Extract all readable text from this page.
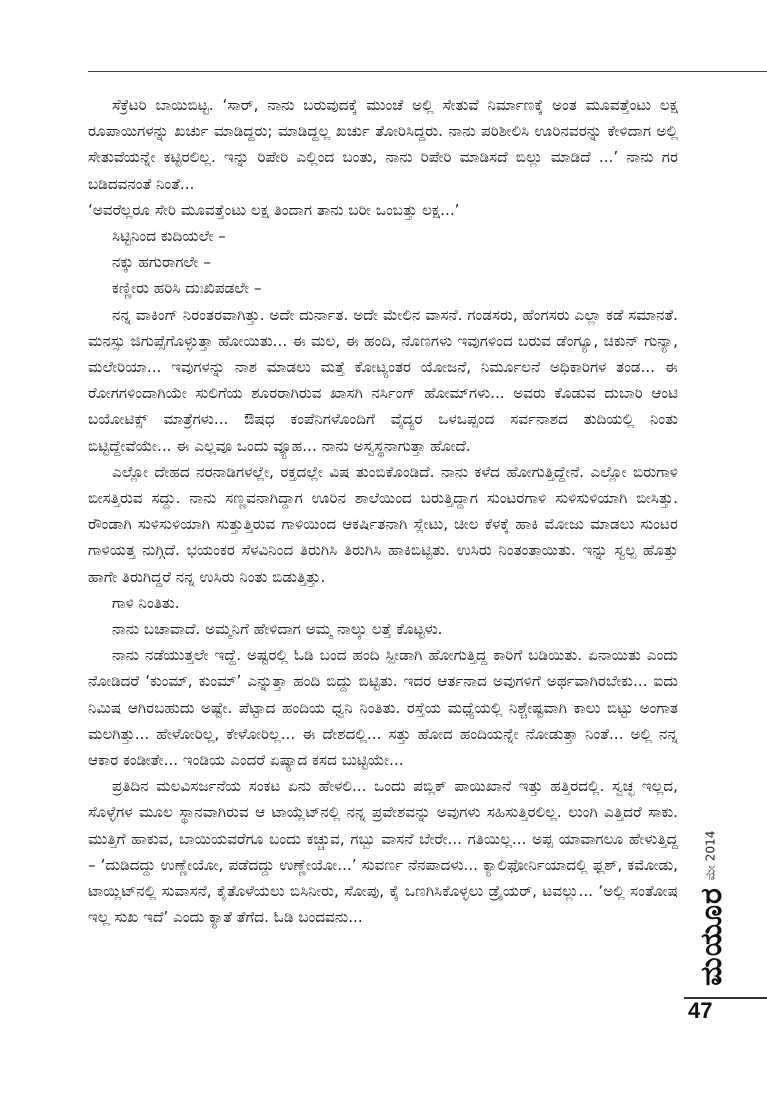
ಸೆಕ್ರೆಟರಿ ಬಾಯಿಬಿಟ್ಟ. ‘ಸಾರ್, ನಾನು ಬರುವುದಕ್ಕೆ ಮುಂಚೆ ಅಲ್ಲಿ ಸೇತುವೆ ನಿರ್ಮಾಣಕ್ಕೆ ಅಂತ ಮೂವತ್ತೆಂಟು ಲಕ್ಷ ರೂಪಾಯಿಗಳನ್ನು ಖರ್ಚು ಮಾಡಿದ್ದರು; ಮಾಡಿದ್ದಲ್ಲ ಖರ್ಚು ತೋರಿಸಿದ್ದರು. ನಾನು ಪರಿಶೀಲಿಸಿ ಊರಿನವರನ್ನು ಕೇಳಿದಾಗ ಅಲ್ಲಿ ಸೇತುವೆಯನ್ನೇ ಕಟ್ಟಿರಲಿಲ್ಲ. ಇನ್ನು ರಿಪೇರಿ ಎಲ್ಲಿಂದ ಬಂತು, ನಾನು ರಿಪೇರಿ ಮಾಡಿಸದೆ ಬಿಲ್ಲು ಮಾಡಿದೆ ...’ ನಾನು ಗರ ಬಡಿದವನಂತೆ ನಿಂತೆ...

‘ಅವರೆಲ್ಲರೂ ಸೇರಿ ಮೂವತ್ತೆಂಟು ಲಕ್ಷ ತಿಂದಾಗ ತಾನು ಬರೀ ಒಂಬತ್ತು ಲಕ್ಷ...’

ಸಿಟ್ಟಿನಿಂದ ಕುದಿಯಲೇ –

ನಕ್ಕು ಹಗುರಾಗಲೇ –

ಕಣ್ಣೀರು ಹರಿಸಿ ದುಃಖಿಪಡಲೇ –

ನನ್ನ ವಾಕಿಂಗ್ ನಿರಂತರವಾಗಿತ್ತು. ಅದೇ ದುರ್ನಾತ. ಅದೇ ಮೇಲಿನ ವಾಸನೆ. ಗಂಡಸರು, ಹೆಂಗಸರು ಎಲ್ಲಾ ಕಡೆ ಸಮಾನತೆ. ಮನಸ್ಸು ಜಿಗುಪ್ಸೆಗೊಳ್ಳುತ್ತಾ ಹೋಯಿತು... ಈ ಮಲ, ಈ ಹಂದಿ, ನೊಣಗಳು ಇವುಗಳಿಂದ ಬರುವ ಡೆಂಗ್ಯೂ, ಚಿಕುನ್ ಗುನ್ಯಾ, ಮಲೇರಿಯಾ... ಇವುಗಳನ್ನು ನಾಶ ಮಾಡಲು ಮತ್ತೆ ಕೋಟ್ಯಂತರ ಯೋಜನೆ, ನಿರ್ಮೂಲನೆ ಅಧಿಕಾರಿಗಳ ತಂಡ... ಈ ರೋಗಗಳಿಂದಾಗಿಯೇ ಸುಲಿಗೆಯ ಶೂರರಾಗಿರುವ ಖಾಸಗಿ ನರ್ಸಿಂಗ್ ಹೋಮ್‌ಗಳು... ಅವರು ಕೊಡುವ ದುಬಾರಿ ಆಂಟಿ ಬಯೋಟಿಕ್ಸ್ ಮಾತ್ರೆಗಳು... ಔಷಧ ಕಂಪೆನಿಗಳೊಂದಿಗೆ ವೈದ್ಯರ ಒಳಒಪ್ಪಂದ ಸರ್ವನಾಶದ ತುದಿಯಲ್ಲಿ ನಿಂತು ಬಿಟ್ಟಿದ್ದೇವೆಯೇ... ಈ ಎಲ್ಲವೂ ಒಂದು ವ್ಯೂಹ... ನಾನು ಅಸ್ವಸ್ಥನಾಗುತ್ತಾ ಹೋದೆ.

ಎಲ್ಲೋ ದೇಹದ ನರನಾಡಿಗಳಲ್ಲೇ, ರಕ್ತದಲ್ಲೇ ವಿಷ ತುಂಬಿಕೊಂಡಿದೆ. ನಾನು ಕಳೆದ ಹೋಗುತ್ತಿದ್ದೇನೆ. ಎಲ್ಲೋ ಬಿರುಗಾಳಿ ಬೀಸತ್ತಿರುವ ಸದ್ದು. ನಾನು ಸಣ್ಣವನಾಗಿದ್ದಾಗ ಊರಿನ ಶಾಲೆಯಿಂದ ಬರುತ್ತಿದ್ದಾಗ ಸುಂಟರಗಾಳಿ ಸುಳಿಸುಳಿಯಾಗಿ ಬೀಸಿತ್ತು. ರೌಂಡಾಗಿ ಸುಳಿಸುಳಿಯಾಗಿ ಸುತ್ತುತ್ತಿರುವ ಗಾಳಿಯಿಂದ ಆಕರ್ಷಿತನಾಗಿ ಸ್ಲೇಟು, ಚೀಲ ಕೆಳಕ್ಕೆ ಹಾಕಿ ಮೋಜು ಮಾಡಲು ಸುಂಟರ ಗಾಳಿಯತ್ತ ನುಗ್ಗಿದೆ. ಭಯಂಕರ ಸೆಳವಿನಿಂದ ತಿರುಗಿಸಿ ತಿರುಗಿಸಿ ಹಾಕಿಬಿಟ್ಟಿತು. ಉಸಿರು ನಿಂತಂತಾಯಿತು. ಇನ್ನು ಸ್ವಲ್ಪ ಹೊತ್ತು ಹಾಗೇ ತಿರುಗಿದ್ದರೆ ನನ್ನ ಉಸಿರು ನಿಂತು ಬಿಡುತ್ತಿತ್ತು.

ಗಾಳಿ ನಿಂತಿತು.

ನಾನು ಬಚಾವಾದೆ. ಅಮ್ಮನಿಗೆ ಹೇಳಿದಾಗ ಅಮ್ಮ ನಾಲ್ಕು ಲತ್ತೆ ಕೊಟ್ಟಳು.

ನಾನು ನಡೆಯುತ್ತಲೇ ಇದ್ದೆ. ಅಷ್ಟರಲ್ಲಿ ಓಡಿ ಬಂದ ಹಂದಿ ಸ್ಪೀಡಾಗಿ ಹೋಗುತ್ತಿದ್ದ ಕಾರಿಗೆ ಬಡಿಯಿತು. ಏನಾಯಿತು ಎಂದು ನೋಡಿದರೆ ‘ಕುಂಮ್, ಕುಂಮ್’ ಎನ್ನುತ್ತಾ ಹಂದಿ ಬಿದ್ದು ಬಿಟ್ಟಿತು. ಇದರ ಆರ್ತನಾದ ಅವುಗಳಿಗೆ ಅರ್ಥವಾಗಿರಬೇಕು... ಐದು ನಿಮಿಷ ಆಗಿರಬಹುದು ಅಷ್ಟೇ. ಪೆಟ್ಟಾದ ಹಂದಿಯ ಧ್ವನಿ ನಿಂತಿತು. ರಸ್ತೆಯ ಮಧ್ಯೆಯಲ್ಲಿ ನಿಶ್ಚೇಷ್ಟವಾಗಿ ಕಾಲು ಬಿಟ್ಟು ಅಂಗಾತ ಮಲಗಿತ್ತು... ಹೇಳೋರಿಲ್ಲ, ಕೇಳೋರಿಲ್ಲ... ಈ ದೇಶದಲ್ಲಿ... ಸತ್ತು ಹೋದ ಹಂದಿಯನ್ನೇ ನೋಡುತ್ತಾ ನಿಂತೆ... ಅಲ್ಲಿ ನನ್ನ ಆಕಾರ ಕಂಡೀತೇ... ಇಂಡಿಯ ಎಂದರೆ ಏಷ್ಯಾದ ಕಸದ ಬುಟ್ಟಿಯೇ...

ಪ್ರತಿದಿನ ಮಲವಿಸರ್ಜನೆಯ ಸಂಕಟ ಏನು ಹೇಳಲಿ... ಒಂದು ಪಬ್ಲಿಕ್ ಪಾಯಿಖಾನೆ ಇತ್ತು ಹತ್ತಿರದಲ್ಲಿ. ಸ್ವಚ್ಛ ಇಲ್ಲದ, ಸೊಳ್ಳೆಗಳ ಮೂಲ ಸ್ಥಾನವಾಗಿರುವ ಆ ಟಾಯ್ಲೆಟ್‌ನಲ್ಲಿ ನನ್ನ ಪ್ರವೇಶವನ್ನು ಅವುಗಳು ಸಹಿಸುತ್ತಿರಲಿಲ್ಲ. ಲುಂಗಿ ಎತ್ತಿದರೆ ಸಾಕು. ಮುತ್ತಿಗೆ ಹಾಕುವ, ಬಾಯಿಯವರೆಗೂ ಬಂದು ಕಚ್ಚುವ, ಗಬ್ಬು ವಾಸನೆ ಬೇರೇ... ಗತಿಯಿಲ್ಲ... ಅಪ್ಪ ಯಾವಾಗಲೂ ಹೇಳುತ್ತಿದ್ದ – ‘ದುಡಿದದ್ದು ಉಣ್ಣೇಯೋ, ಪಡೆದದ್ದು ಉಣ್ಣೇಯೋ...’ ಸುವರ್ಣ ನೆನಪಾದಳು... ಕ್ಯಾಲಿಫೋರ್ನಿಯಾದಲ್ಲಿ ಫ್ಲಶ್, ಕಮೋಡು, ಟಾಯ್ಲಿಟ್‌ನಲ್ಲಿ ಸುವಾಸನೆ, ಕೈತೊಳೆಯಲು ಬಿಸಿನೀರು, ಸೋಪು, ಕೈ ಒಣಗಿಸಿಕೊಳ್ಳಲು ಡ್ರೈಯರ್, ಟವಲ್ಲು... ‘ಅಲ್ಲಿ ಸಂತೋಷ ಇಲ್ಲ ಸುಖ ಇದೆ’ ಎಂದು ಕ್ಯಾತೆ ತೆಗೆದ. ಓಡಿ ಬಂದವನು...

ಮೇ 2014
ಮಯೂರ
47
